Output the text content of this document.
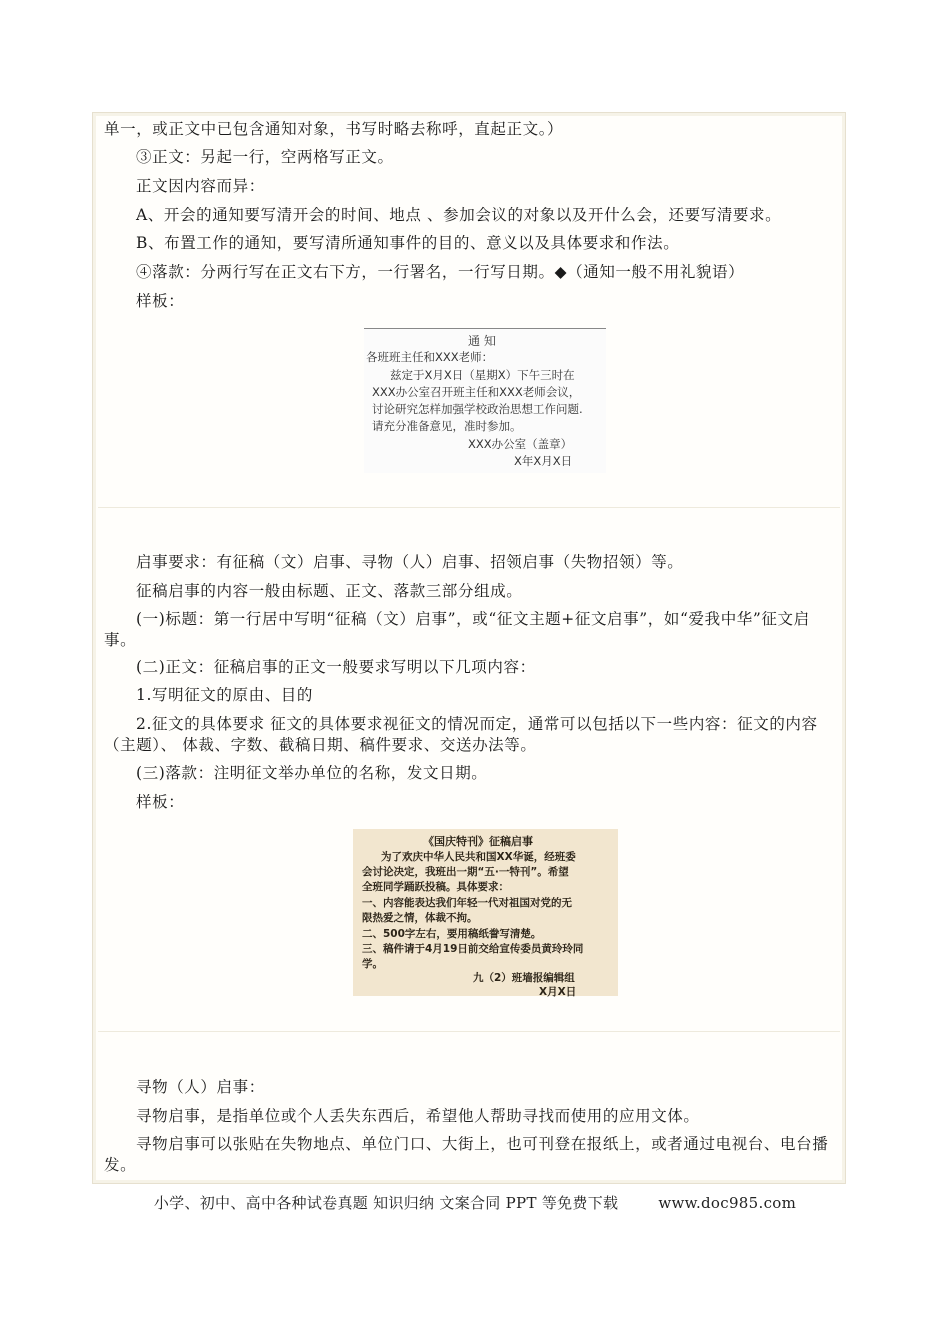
单一，或正文中已包含通知对象，书写时略去称呼，直起正文。）
③正文：另起一行，空两格写正文。
正文因内容而异：
A、开会的通知要写清开会的时间、地点 、参加会议的对象以及开什么会，还要写清要求。
B、布置工作的通知，要写清所通知事件的目的、意义以及具体要求和作法。
④落款：分两行写在正文右下方，一行署名，一行写日期。◆（通知一般不用礼貌语）
样板：
通 知
各班班主任和XXX老师：
兹定于X月X日（星期X）下午三时在
XXX办公室召开班主任和XXX老师会议，
讨论研究怎样加强学校政治思想工作问题.
请充分准备意见，准时参加。
XXX办公室（盖章）
X年X月X日
启事要求：有征稿（文）启事、寻物（人）启事、招领启事（失物招领）等。
征稿启事的内容一般由标题、正文、落款三部分组成。
(一)标题：第一行居中写明“征稿（文）启事”，或“征文主题+征文启事”，如“爱我中华”征文启事。
(二)正文：征稿启事的正文一般要求写明以下几项内容：
1.写明征文的原由、目的
2.征文的具体要求 征文的具体要求视征文的情况而定，通常可以包括以下一些内容：征文的内容（主题）、 体裁、字数、截稿日期、稿件要求、交送办法等。
(三)落款：注明征文举办单位的名称，发文日期。
样板：
《国庆特刊》征稿启事
为了欢庆中华人民共和国XX华诞，经班委
会讨论决定，我班出一期“五·一特刊”。希望
全班同学踊跃投稿。具体要求：
一、内容能表达我们年轻一代对祖国对党的无
限热爱之情，体裁不拘。
二、500字左右，要用稿纸誊写清楚。
三、稿件请于4月19日前交给宣传委员黄玲玲同
学。
九（2）班墙报编辑组
X月X日
寻物（人）启事：
寻物启事，是指单位或个人丢失东西后，希望他人帮助寻找而使用的应用文体。
寻物启事可以张贴在失物地点、单位门口、大街上，也可刊登在报纸上，或者通过电视台、电台播发。
小学、初中、高中各种试卷真题 知识归纳 文案合同 PPT 等免费下载	www.doc985.com
